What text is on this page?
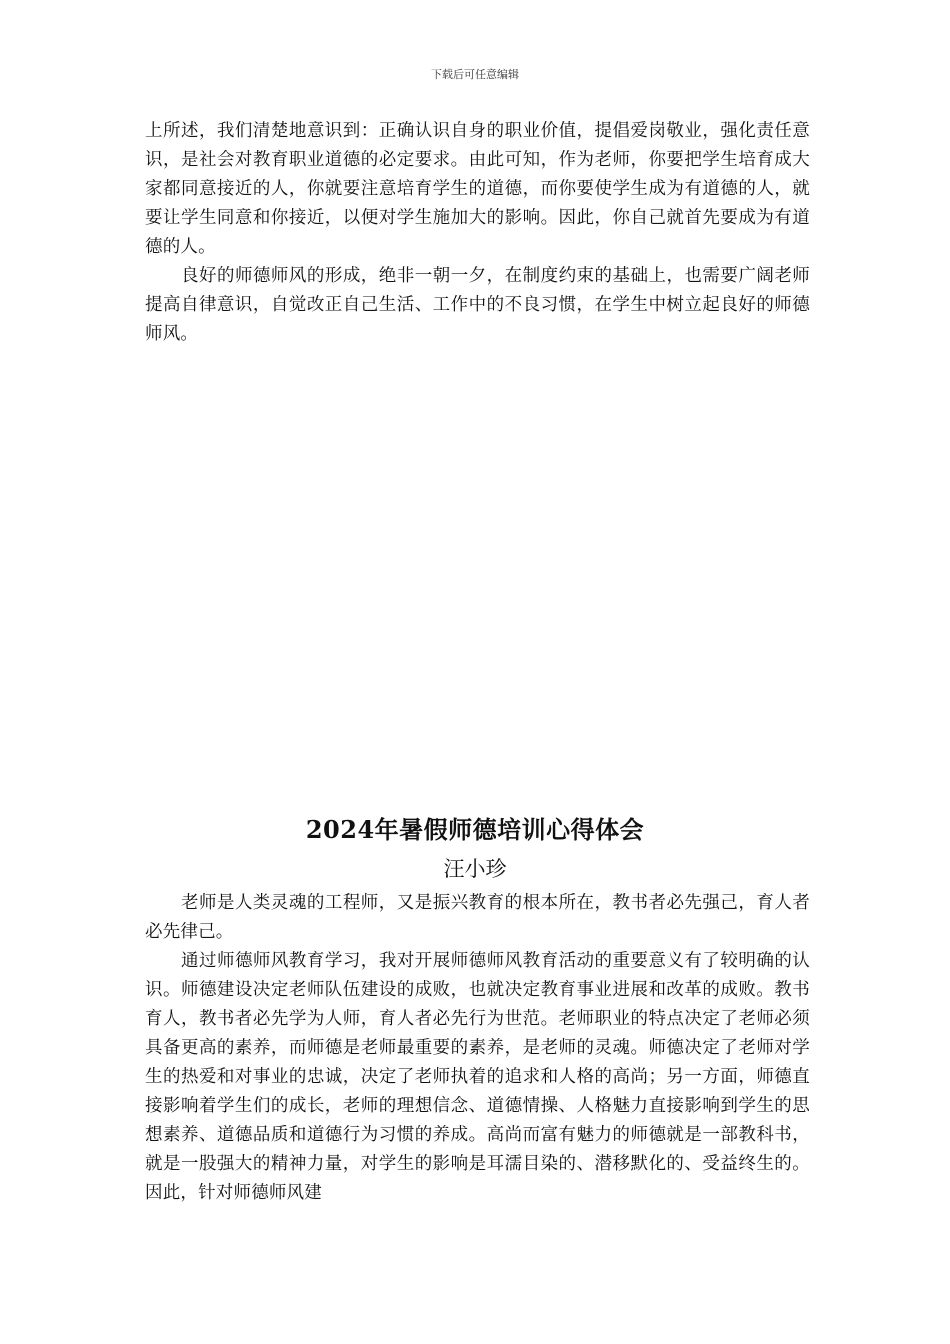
下载后可任意编辑

上所述，我们清楚地意识到：正确认识自身的职业价值，提倡爱岗敬业，强化责任意识，是社会对教育职业道德的必定要求。由此可知，作为老师，你要把学生培育成大家都同意接近的人，你就要注意培育学生的道德，而你要使学生成为有道德的人，就要让学生同意和你接近，以便对学生施加大的影响。因此，你自己就首先要成为有道德的人。

良好的师德师风的形成，绝非一朝一夕，在制度约束的基础上，也需要广阔老师提高自律意识，自觉改正自己生活、工作中的不良习惯，在学生中树立起良好的师德师风。

2024年暑假师德培训心得体会
汪小珍

老师是人类灵魂的工程师，又是振兴教育的根本所在，教书者必先强己，育人者必先律己。

通过师德师风教育学习，我对开展师德师风教育活动的重要意义有了较明确的认识。师德建设决定老师队伍建设的成败，也就决定教育事业进展和改革的成败。教书育人，教书者必先学为人师，育人者必先行为世范。老师职业的特点决定了老师必须具备更高的素养，而师德是老师最重要的素养，是老师的灵魂。师德决定了老师对学生的热爱和对事业的忠诚，决定了老师执着的追求和人格的高尚；另一方面，师德直接影响着学生们的成长，老师的理想信念、道德情操、人格魅力直接影响到学生的思想素养、道德品质和道德行为习惯的养成。高尚而富有魅力的师德就是一部教科书，就是一股强大的精神力量，对学生的影响是耳濡目染的、潜移默化的、受益终生的。因此，针对师德师风建
